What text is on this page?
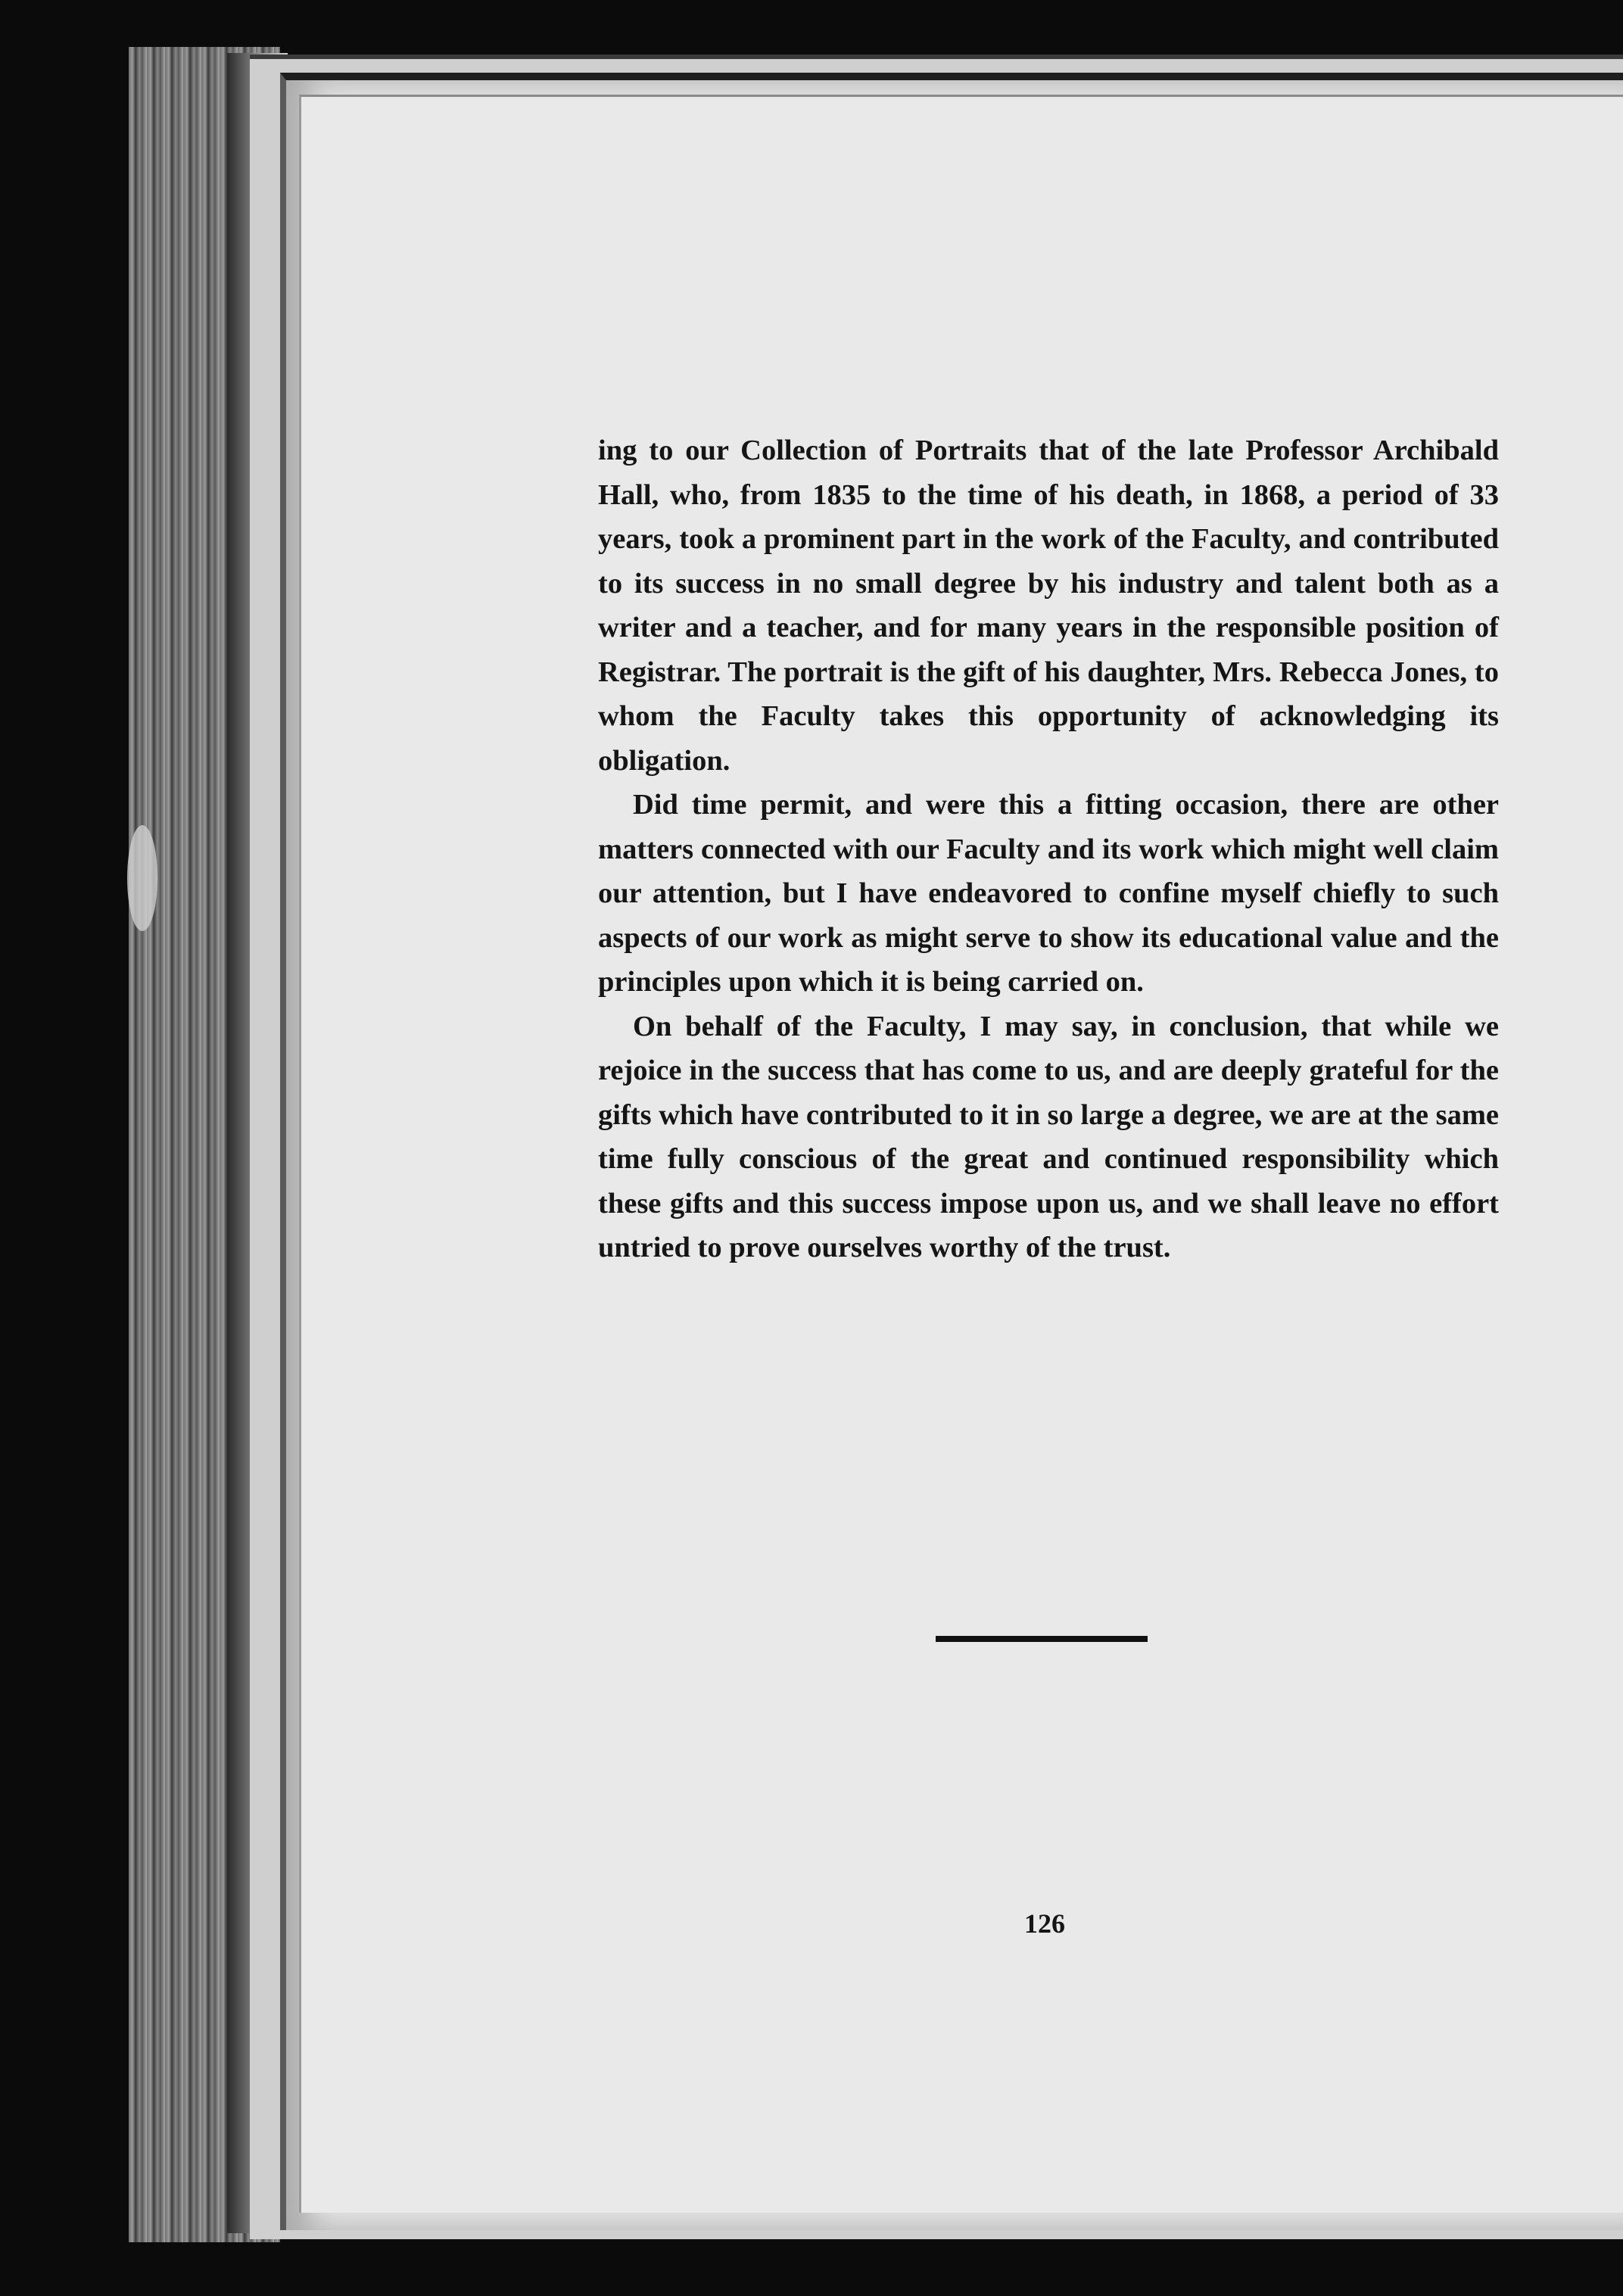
ing to our Collection of Portraits that of the late Professor Archibald Hall, who, from 1835 to the time of his death, in 1868, a period of 33 years, took a prominent part in the work of the Faculty, and contributed to its success in no small degree by his industry and talent both as a writer and a teacher, and for many years in the responsible position of Registrar. The portrait is the gift of his daughter, Mrs. Rebecca Jones, to whom the Faculty takes this opportunity of acknowledging its obligation.

Did time permit, and were this a fitting occasion, there are other matters connected with our Faculty and its work which might well claim our attention, but I have endeavored to confine myself chiefly to such aspects of our work as might serve to show its educational value and the principles upon which it is being carried on.

On behalf of the Faculty, I may say, in conclusion, that while we rejoice in the success that has come to us, and are deeply grateful for the gifts which have contributed to it in so large a degree, we are at the same time fully conscious of the great and continued responsibility which these gifts and this success impose upon us, and we shall leave no effort untried to prove ourselves worthy of the trust.

126
